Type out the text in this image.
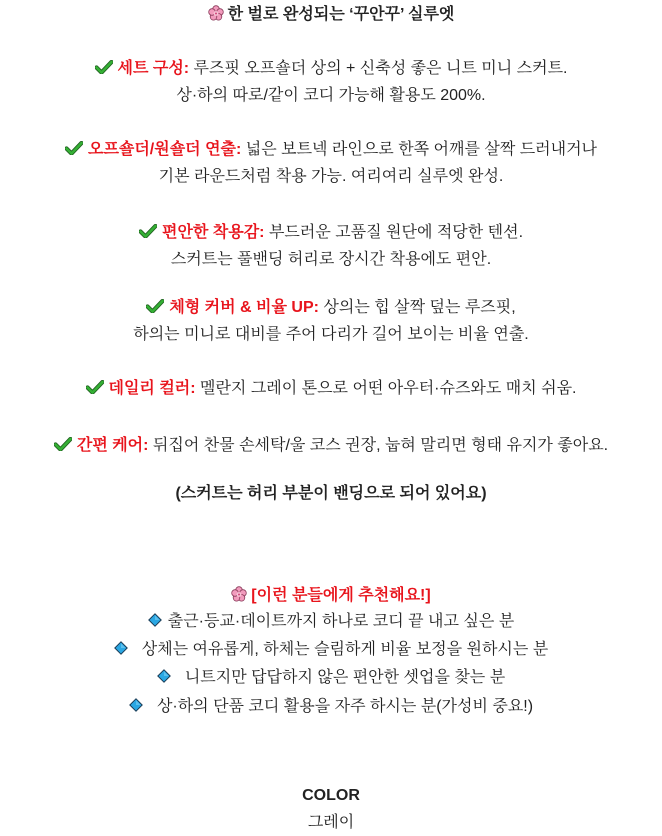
한 벌로 완성되는 ‘꾸안꾸’ 실루엣
세트 구성: 루즈핏 오프숄더 상의 + 신축성 좋은 니트 미니 스커트.
상·하의 따로/같이 코디 가능해 활용도 200%.
오프숄더/원숄더 연출: 넓은 보트넥 라인으로 한쪽 어깨를 살짝 드러내거나
기본 라운드처럼 착용 가능. 여리여리 실루엣 완성.
편안한 착용감: 부드러운 고품질 원단에 적당한 텐션.
스커트는 풀밴딩 허리로 장시간 착용에도 편안.
체형 커버 & 비율 UP: 상의는 힙 살짝 덮는 루즈핏,
하의는 미니로 대비를 주어 다리가 길어 보이는 비율 연출.
데일리 컬러: 멜란지 그레이 톤으로 어떤 아우터·슈즈와도 매치 쉬움.
간편 케어: 뒤집어 찬물 손세탁/울 코스 권장, 눕혀 말리면 형태 유지가 좋아요.
(스커트는 허리 부분이 밴딩으로 되어 있어요)
[이런 분들에게 추천해요!]
출근·등교·데이트까지 하나로 코디 끝 내고 싶은 분
상체는 여유롭게, 하체는 슬림하게 비율 보정을 원하시는 분
니트지만 답답하지 않은 편안한 셋업을 찾는 분
상·하의 단품 코디 활용을 자주 하시는 분(가성비 중요!)
COLOR
그레이
